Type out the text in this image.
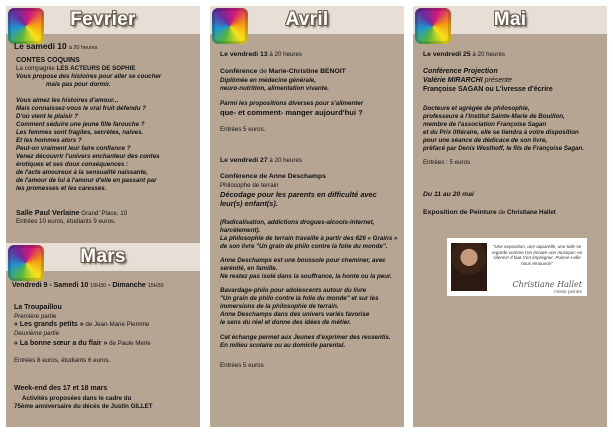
Fevrier
Le samedi 10 à 20 heures
CONTES COQUINS
La compagnie LES ACTEURS DE SOPHIE
Vous propose des histoires pour aller se coucher
mais pas pour dormir.
Vous aimez les histoires d'amour...
Mais connaissez-vous le vrai fruit défendu ?
D'où vient le plaisir ?
Comment séduire une jeune fille farouche ?
Les femmes sont fragiles, secrètes, naïves.
Et les hommes alors ?
Peut-on vraiment leur faire confiance ?
Venez découvrir l'univers enchanteur des contes
érotiques et ses doux conséquences :
de l'acte amoureux à la sensualité naissante,
de l'amour de lui à l'amour d'elle en passant par
les promesses et les caresses.
Salle Paul Verlaine Grand' Place, 10
Entrées 10 euros, étudiants 9 euros.
Mars
Vendredi 9 - Samedi 10 19H30 - Dimanche 15H30
La Troupaillou
Première partie
« Les grands petits » de Jean-Marie Piemme
Deuxième partie
« La bonne sœur a du flair » de Paule Merle
Entrées 8 euros, étudiants 6 euros.
Week-end des 17 et 18 mars
Activités proposées dans le cadre du
75ème anniversaire du décès de Justin GILLET
Avril
Le vendredi 13 à 20 heures
Conférence de Marie-Christine BENOIT
Diplômée en médecine générale,
neuro-nutrition, alimentation vivante.
Parmi les propositions diverses pour s'alimenter
que- et comment- manger aujourd'hui ?
Entrées 5 euros.
Le vendredi 27 à 20 heures
Conférence de Anne Deschamps
Philosophe de terrain
Décodage pour les parents en difficulté avec
leur(s) enfant(s).
(Radicalisation, addictions drogues-alcools-internet,
harcèlement).
La philosophie de terrain travaille à partir des 626 « Grains »
de son livre "Un grain de philo contre la folie du monde".
Anne Deschamps est une boussole pour cheminer, avec
sérénité, en famille.
Ne restez pas isolé dans la souffrance, la honte ou la peur.
Bavardage-philo pour adolescents autour du livre
"Un grain de philo contre la folie du monde" et sur les
immersions de la philosophie de terrain.
Anne Deschamps dans des univers variés favorise
le sens du réel et donne des idées de métier.
Cet échange permet aux Jeunes d'exprimer des ressentis.
En milieu scolaire ou au domicile parental.
Entrées 5 euros
Mai
Le vendredi 25 à 20 heures
Conférence Projection
Valérie MIRARCHI présente
Françoise SAGAN ou L'ivresse d'écrire
Docteure et agrégée de philosophie,
professeure à l'Institut Sainte-Marie de Bouillon,
membre de l'association Françoise Sagan
et du Prix littéraire, elle se tiendra à votre disposition
pour une séance de dédicace de son livre,
préfacé par Denis Westhoff, le fils de Françoise Sagan.
Entrées : 5 euros
Du 11 au 20 mai
Exposition de Peinture de Christiane Hallet
"Une exposition, une aquarelle, une toile se regarde comme l'on écoute une musique: en silence! Il faut s'en imprégner. Puisse-t-elle nous émouvoir"
Christiane Hallet
Artiste peintre
